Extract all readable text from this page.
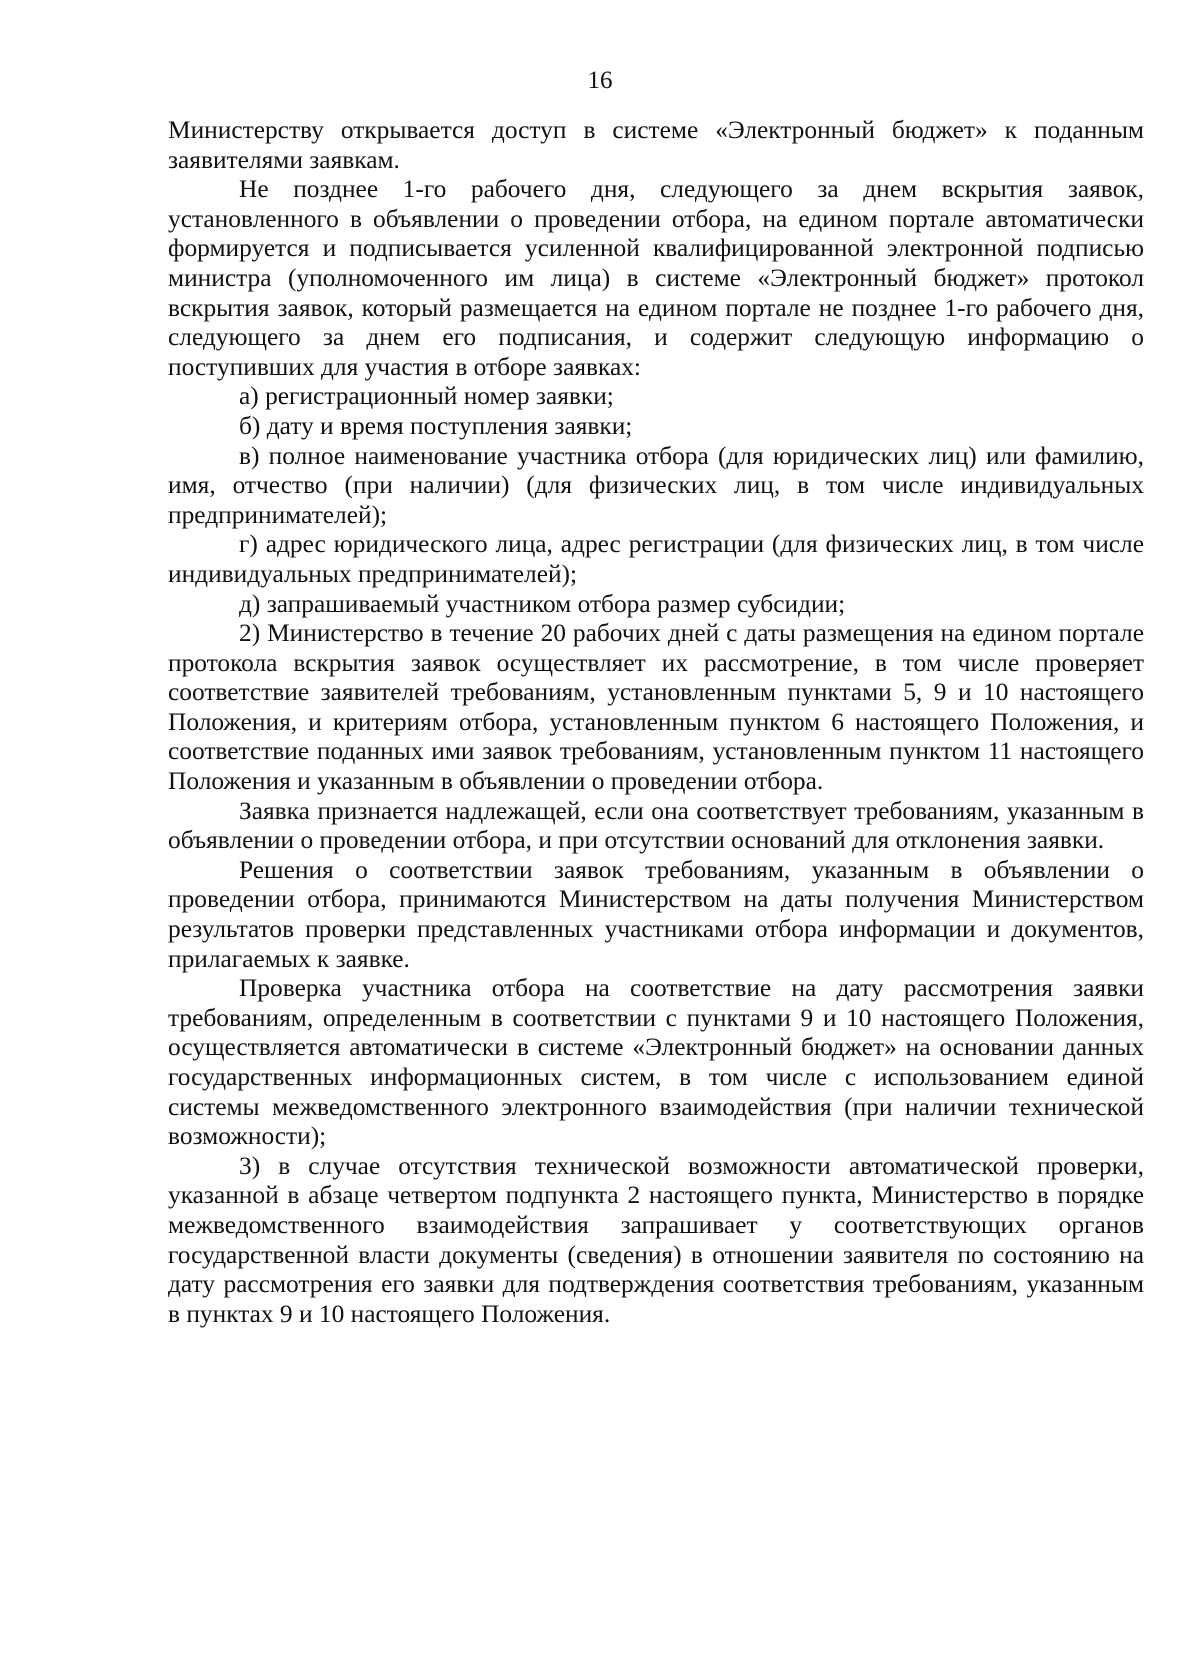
16

Министерству открывается доступ в системе «Электронный бюджет» к поданным заявителями заявкам.

Не позднее 1-го рабочего дня, следующего за днем вскрытия заявок, установленного в объявлении о проведении отбора, на едином портале автоматически формируется и подписывается усиленной квалифицированной электронной подписью министра (уполномоченного им лица) в системе «Электронный бюджет» протокол вскрытия заявок, который размещается на едином портале не позднее 1-го рабочего дня, следующего за днем его подписания, и содержит следующую информацию о поступивших для участия в отборе заявках:

а) регистрационный номер заявки;

б) дату и время поступления заявки;

в) полное наименование участника отбора (для юридических лиц) или фамилию, имя, отчество (при наличии) (для физических лиц, в том числе индивидуальных предпринимателей);

г) адрес юридического лица, адрес регистрации (для физических лиц, в том числе индивидуальных предпринимателей);

д) запрашиваемый участником отбора размер субсидии;

2) Министерство в течение 20 рабочих дней с даты размещения на едином портале протокола вскрытия заявок осуществляет их рассмотрение, в том числе проверяет соответствие заявителей требованиям, установленным пунктами 5, 9 и 10 настоящего Положения, и критериям отбора, установленным пунктом 6 настоящего Положения, и соответствие поданных ими заявок требованиям, установленным пунктом 11 настоящего Положения и указанным в объявлении о проведении отбора.

Заявка признается надлежащей, если она соответствует требованиям, указанным в объявлении о проведении отбора, и при отсутствии оснований для отклонения заявки.

Решения о соответствии заявок требованиям, указанным в объявлении о проведении отбора, принимаются Министерством на даты получения Министерством результатов проверки представленных участниками отбора информации и документов, прилагаемых к заявке.

Проверка участника отбора на соответствие на дату рассмотрения заявки требованиям, определенным в соответствии с пунктами 9 и 10 настоящего Положения, осуществляется автоматически в системе «Электронный бюджет» на основании данных государственных информационных систем, в том числе с использованием единой системы межведомственного электронного взаимодействия (при наличии технической возможности);

3) в случае отсутствия технической возможности автоматической проверки, указанной в абзаце четвертом подпункта 2 настоящего пункта, Министерство в порядке межведомственного взаимодействия запрашивает у соответствующих органов государственной власти документы (сведения) в отношении заявителя по состоянию на дату рассмотрения его заявки для подтверждения соответствия требованиям, указанным в пунктах 9 и 10 настоящего Положения.
